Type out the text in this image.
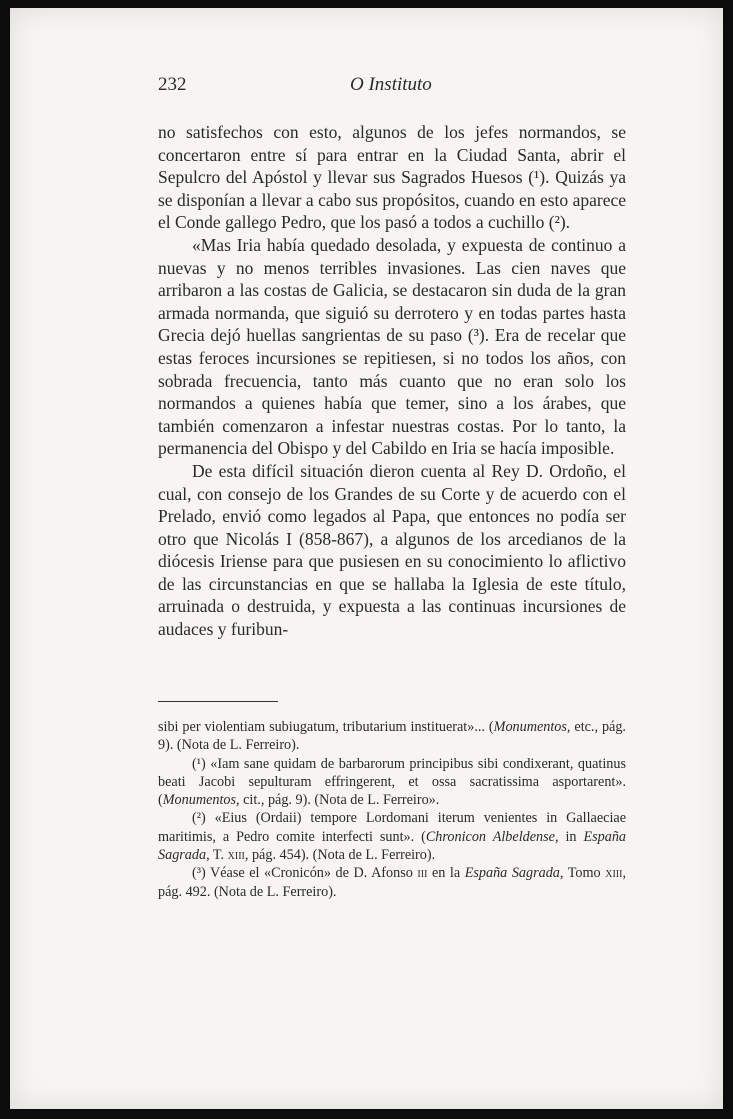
232	O Instituto

no satisfechos con esto, algunos de los jefes normandos, se concertaron entre sí para entrar en la Ciudad Santa, abrir el Sepulcro del Apóstol y llevar sus Sagrados Huesos (¹). Quizás ya se disponían a llevar a cabo sus propósitos, cuando en esto aparece el Conde gallego Pedro, que los pasó a todos a cuchillo (²).

«Mas Iria había quedado desolada, y expuesta de continuo a nuevas y no menos terribles invasiones. Las cien naves que arribaron a las costas de Galicia, se destacaron sin duda de la gran armada normanda, que siguió su derrotero y en todas partes hasta Grecia dejó huellas sangrientas de su paso (³). Era de recelar que estas feroces incursiones se repitiesen, si no todos los años, con sobrada frecuencia, tanto más cuanto que no eran solo los normandos a quienes había que temer, sino a los árabes, que también comenzaron a infestar nuestras costas. Por lo tanto, la permanencia del Obispo y del Cabildo en Iria se hacía imposible.

De esta difícil situación dieron cuenta al Rey D. Ordoño, el cual, con consejo de los Grandes de su Corte y de acuerdo con el Prelado, envió como legados al Papa, que entonces no podía ser otro que Nicolás I (858-867), a algunos de los arcedianos de la diócesis Iriense para que pusiesen en su conocimiento lo aflictivo de las circunstancias en que se hallaba la Iglesia de este título, arruinada o destruida, y expuesta a las continuas incursiones de audaces y furibun-

sibi per violentiam subiugatum, tributarium instituerat»... (Monumentos, etc., pág. 9). (Nota de L. Ferreiro).

(¹) «Iam sane quidam de barbarorum principibus sibi condixerant, quatinus beati Jacobi sepulturam effringerent, et ossa sacratissima asportarent». (Monumentos, cit., pág. 9). (Nota de L. Ferreiro».

(²) «Eius (Ordaii) tempore Lordomani iterum venientes in Gallaeciae maritimis, a Pedro comite interfecti sunt». (Chronicon Albeldense, in España Sagrada, T. xiii, pág. 454). (Nota de L. Ferreiro).

(³) Véase el «Cronicón» de D. Afonso iii en la España Sagrada, Tomo xiii, pág. 492. (Nota de L. Ferreiro).
